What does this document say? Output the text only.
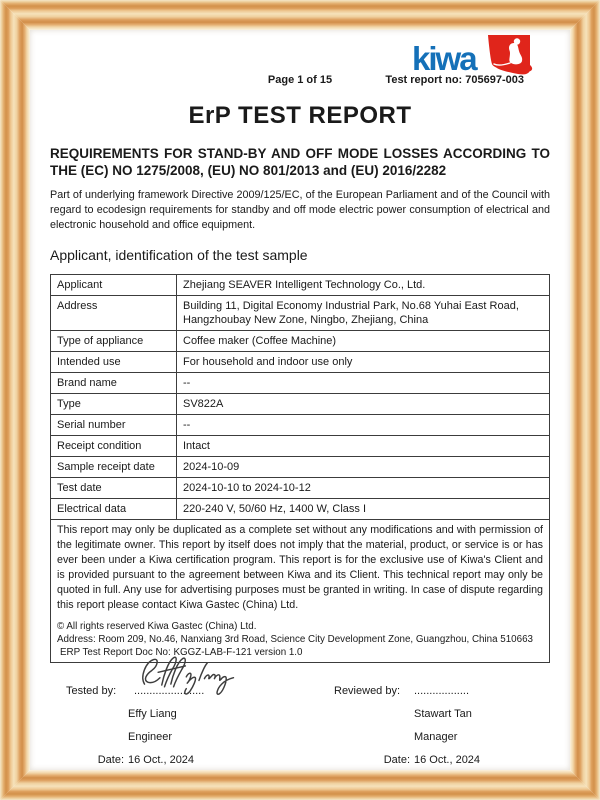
kiwa
Page 1 of 15	Test report no: 705697-003
ErP TEST REPORT
REQUIREMENTS FOR STAND-BY AND OFF MODE LOSSES ACCORDING TO THE (EC) NO 1275/2008, (EU) NO 801/2013 and (EU) 2016/2282

Part of underlying framework Directive 2009/125/EC, of the European Parliament and of the Council with regard to ecodesign requirements for standby and off mode electric power consumption of electrical and electronic household and office equipment.

Applicant, identification of the test sample
Applicant	Zhejiang SEAVER Intelligent Technology Co., Ltd.
Address	Building 11, Digital Economy Industrial Park, No.68 Yuhai East Road, Hangzhoubay New Zone, Ningbo, Zhejiang, China
Type of appliance	Coffee maker (Coffee Machine)
Intended use	For household and indoor use only
Brand name	--
Type	SV822A
Serial number	--
Receipt condition	Intact
Sample receipt date	2024-10-09
Test date	2024-10-10 to 2024-10-12
Electrical data	220-240 V, 50/60 Hz, 1400 W, Class I

This report may only be duplicated as a complete set without any modifications and with permission of the legitimate owner. This report by itself does not imply that the material, product, or service is or has ever been under a Kiwa certification program. This report is for the exclusive use of Kiwa's Client and is provided pursuant to the agreement between Kiwa and its Client. This technical report may only be quoted in full. Any use for advertising purposes must be granted in writing. In case of dispute regarding this report please contact Kiwa Gastec (China) Ltd.

© All rights reserved Kiwa Gastec (China) Ltd.

Address: Room 209, No.46, Nanxiang 3rd Road, Science City Development Zone, Guangzhou, China 510663

ERP Test Report Doc No: KGGZ-LAB-F-121 version 1.0	

Tested by:	.......................
Effy Liang
Engineer
Date: 16 Oct., 2024
Reviewed by:	..................
Stawart Tan
Manager
Date: 16 Oct., 2024
